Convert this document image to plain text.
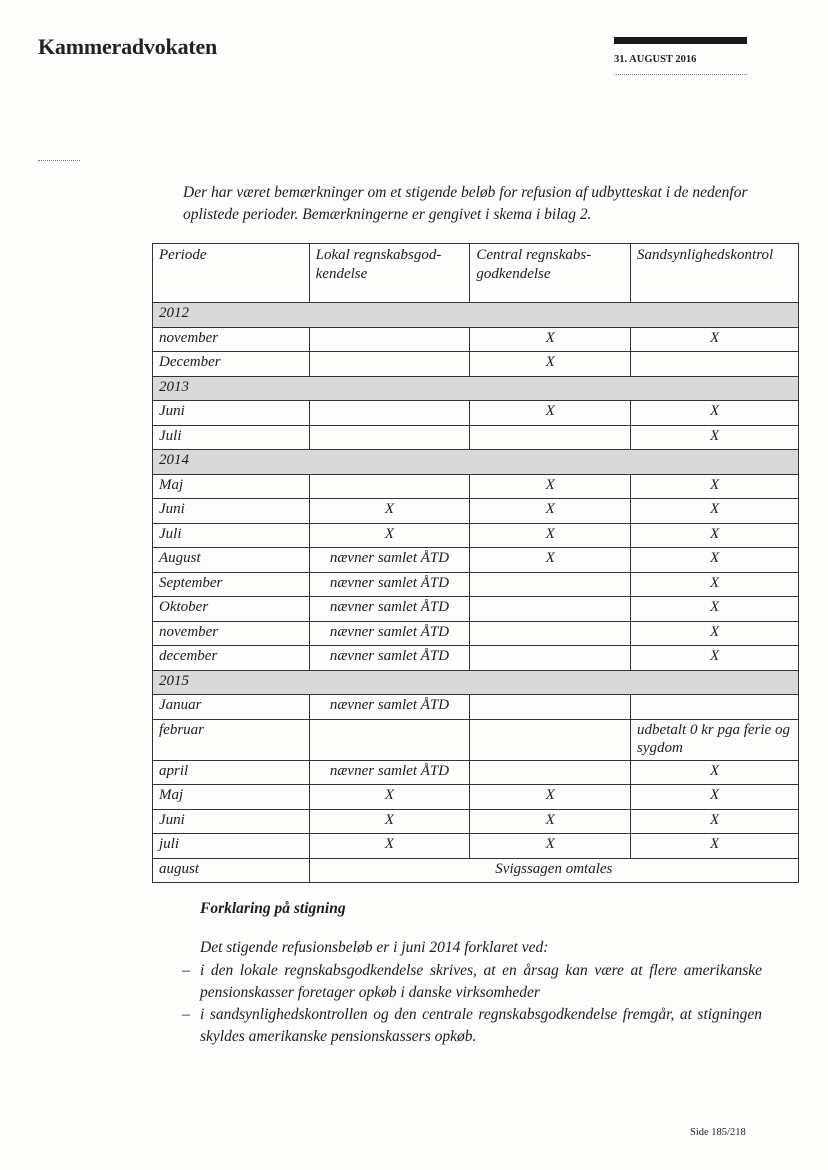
Kammeradvokaten
31. AUGUST 2016
Der har været bemærkninger om et stigende beløb for refusion af udbytteskat i de nedenfor oplistede perioder. Bemærkningerne er gengivet i skema i bilag 2.
Periode	Lokal regnskabsgod-kendelse	Central regnskabs-godkendelse	Sandsynlighedskontrol
2012			
november		X	X
December		X	
2013			
Juni		X	X
Juli			X
2014			
Maj		X	X
Juni	X	X	X
Juli	X	X	X
August	nævner samlet ÅTD	X	X
September	nævner samlet ÅTD		X
Oktober	nævner samlet ÅTD		X
november	nævner samlet ÅTD		X
december	nævner samlet ÅTD		X
2015			
Januar	nævner samlet ÅTD		
februar			udbetalt 0 kr pga ferie og sygdom
april	nævner samlet ÅTD		X
Maj	X	X	X
Juni	X	X	X
juli	X	X	X
august	Svigssagen omtales		
Forklaring på stigning
Det stigende refusionsbeløb er i juni 2014 forklaret ved:
– i den lokale regnskabsgodkendelse skrives, at en årsag kan være at flere amerikanske pensionskasser foretager opkøb i danske virksomheder
– i sandsynlighedskontrollen og den centrale regnskabsgodkendelse fremgår, at stigningen skyldes amerikanske pensionskassers opkøb.
Side 185/218
